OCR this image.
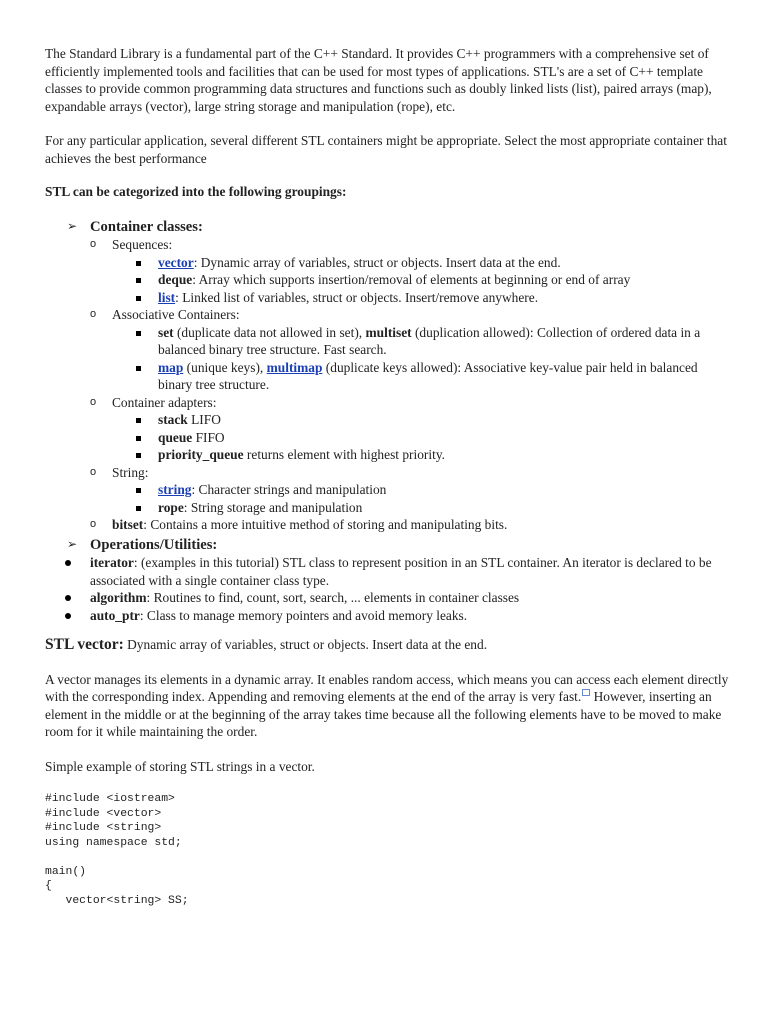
The Standard Library is a fundamental part of the C++ Standard. It provides C++ programmers with a comprehensive set of efficiently implemented tools and facilities that can be used for most types of applications. STL's are a set of C++ template classes to provide common programming data structures and functions such as doubly linked lists (list), paired arrays (map), expandable arrays (vector), large string storage and manipulation (rope), etc.

For any particular application, several different STL containers might be appropriate. Select the most appropriate container that achieves the best performance

STL can be categorized into the following groupings:

➢ Container classes:
o Sequences:
vector: Dynamic array of variables, struct or objects. Insert data at the end.
deque: Array which supports insertion/removal of elements at beginning or end of array
list: Linked list of variables, struct or objects. Insert/remove anywhere.
o Associative Containers:
set (duplicate data not allowed in set), multiset (duplication allowed): Collection of ordered data in a balanced binary tree structure. Fast search.
map (unique keys), multimap (duplicate keys allowed): Associative key-value pair held in balanced binary tree structure.
o Container adapters:
stack LIFO
queue FIFO
priority_queue returns element with highest priority.
o String:
string: Character strings and manipulation
rope: String storage and manipulation
o bitset: Contains a more intuitive method of storing and manipulating bits.
➢ Operations/Utilities:
iterator: (examples in this tutorial) STL class to represent position in an STL container. An iterator is declared to be associated with a single container class type.
algorithm: Routines to find, count, sort, search, ... elements in container classes
auto_ptr: Class to manage memory pointers and avoid memory leaks.

STL vector: Dynamic array of variables, struct or objects. Insert data at the end.

A vector manages its elements in a dynamic array. It enables random access, which means you can access each element directly with the corresponding index. Appending and removing elements at the end of the array is very fast. However, inserting an element in the middle or at the beginning of the array takes time because all the following elements have to be moved to make room for it while maintaining the order.

Simple example of storing STL strings in a vector.

#include <iostream>
#include <vector>
#include <string>
using namespace std;
main()
{
vector<string> SS;
